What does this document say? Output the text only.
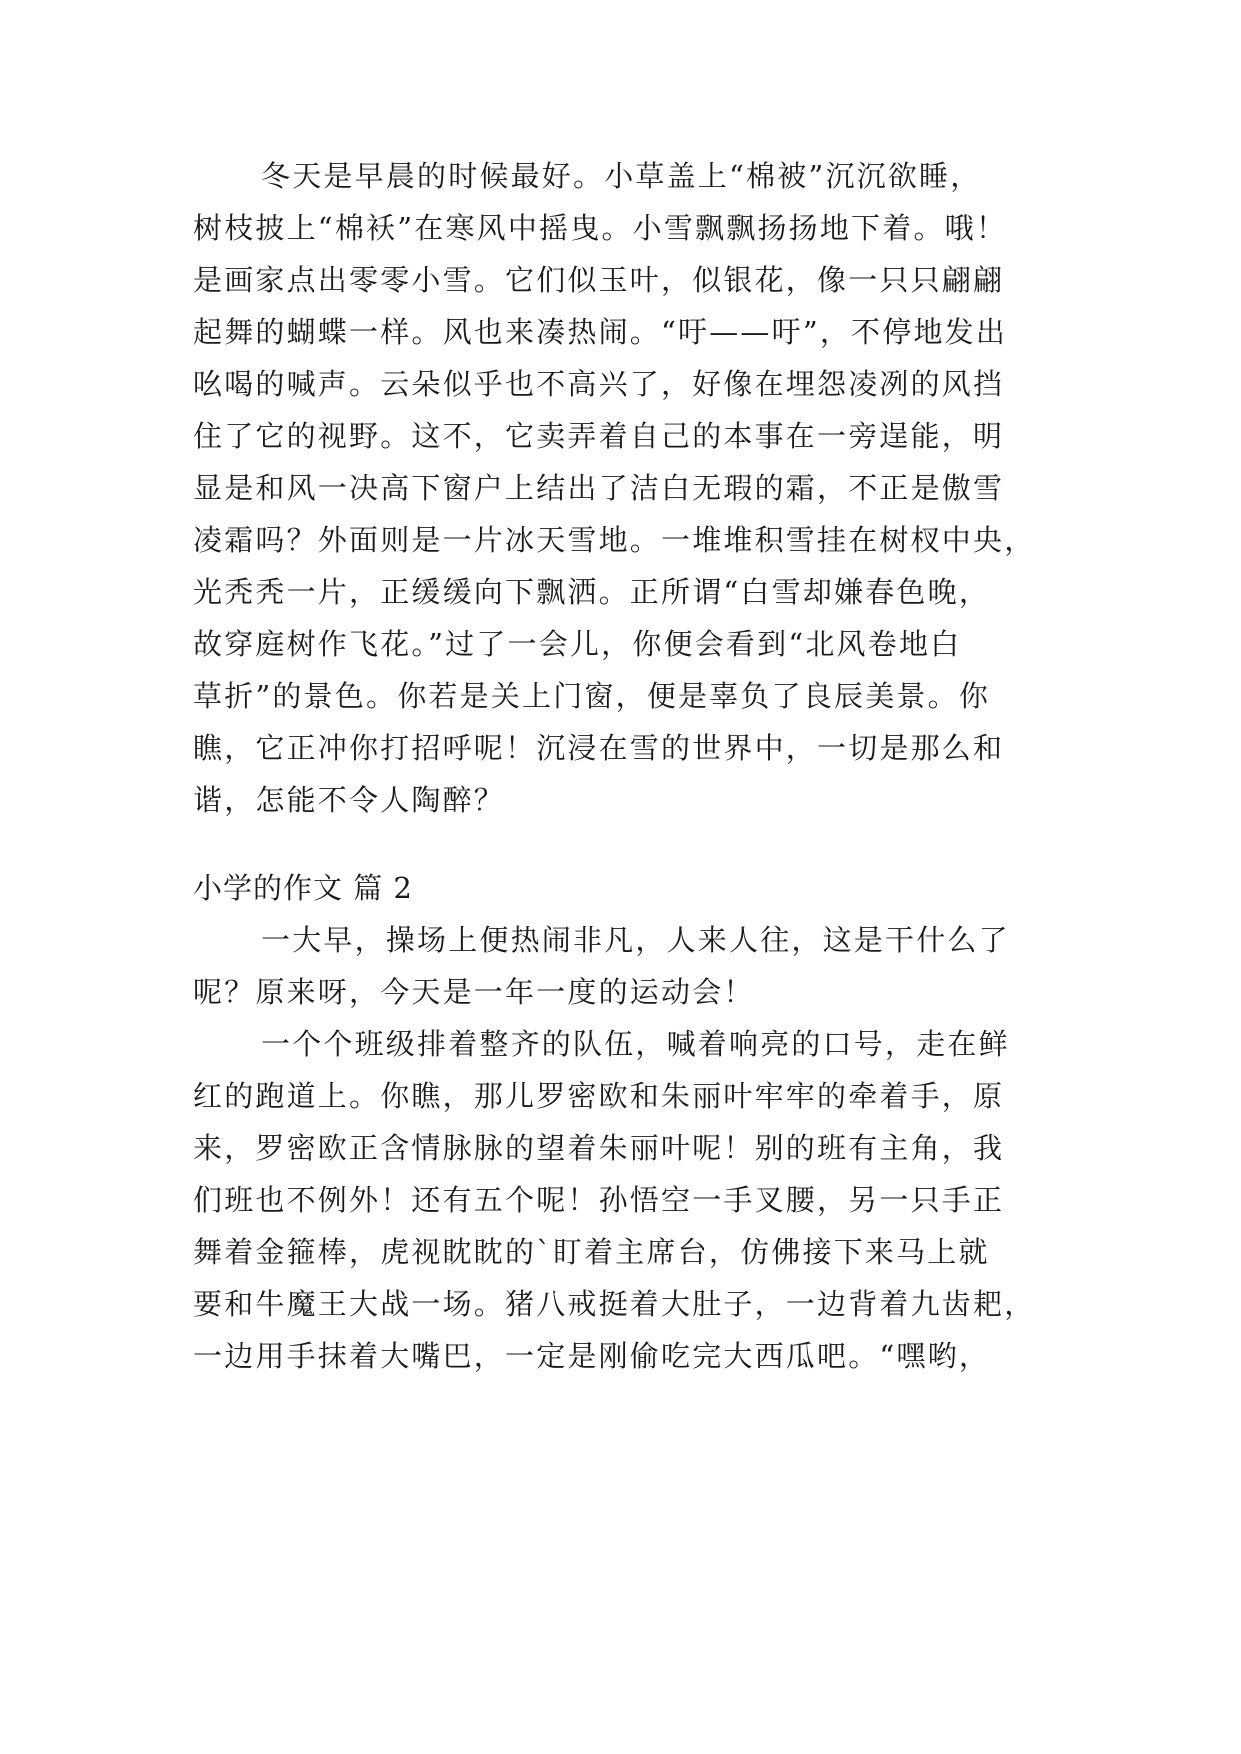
冬天是早晨的时候最好。小草盖上“棉被”沉沉欲睡，
树枝披上“棉袄”在寒风中摇曳。小雪飘飘扬扬地下着。哦！
是画家点出零零小雪。它们似玉叶，似银花，像一只只翩翩
起舞的蝴蝶一样。风也来凑热闹。“吁——吁”，不停地发出
吆喝的喊声。云朵似乎也不高兴了，好像在埋怨凌冽的风挡
住了它的视野。这不，它卖弄着自己的本事在一旁逞能，明
显是和风一决高下窗户上结出了洁白无瑕的霜，不正是傲雪
凌霜吗？外面则是一片冰天雪地。一堆堆积雪挂在树杈中央，
光秃秃一片，正缓缓向下飘洒。正所谓“白雪却嫌春色晚，
故穿庭树作飞花。”过了一会儿，你便会看到“北风卷地白
草折”的景色。你若是关上门窗，便是辜负了良辰美景。你
瞧，它正冲你打招呼呢！沉浸在雪的世界中，一切是那么和
谐，怎能不令人陶醉？
小学的作文 篇 2
一大早，操场上便热闹非凡，人来人往，这是干什么了
呢？原来呀，今天是一年一度的运动会！
一个个班级排着整齐的队伍，喊着响亮的口号，走在鲜
红的跑道上。你瞧，那儿罗密欧和朱丽叶牢牢的牵着手，原
来，罗密欧正含情脉脉的望着朱丽叶呢！别的班有主角，我
们班也不例外！还有五个呢！孙悟空一手叉腰，另一只手正
舞着金箍棒，虎视眈眈的`盯着主席台，仿佛接下来马上就
要和牛魔王大战一场。猪八戒挺着大肚子，一边背着九齿耙，
一边用手抹着大嘴巴，一定是刚偷吃完大西瓜吧。“嘿哟，
